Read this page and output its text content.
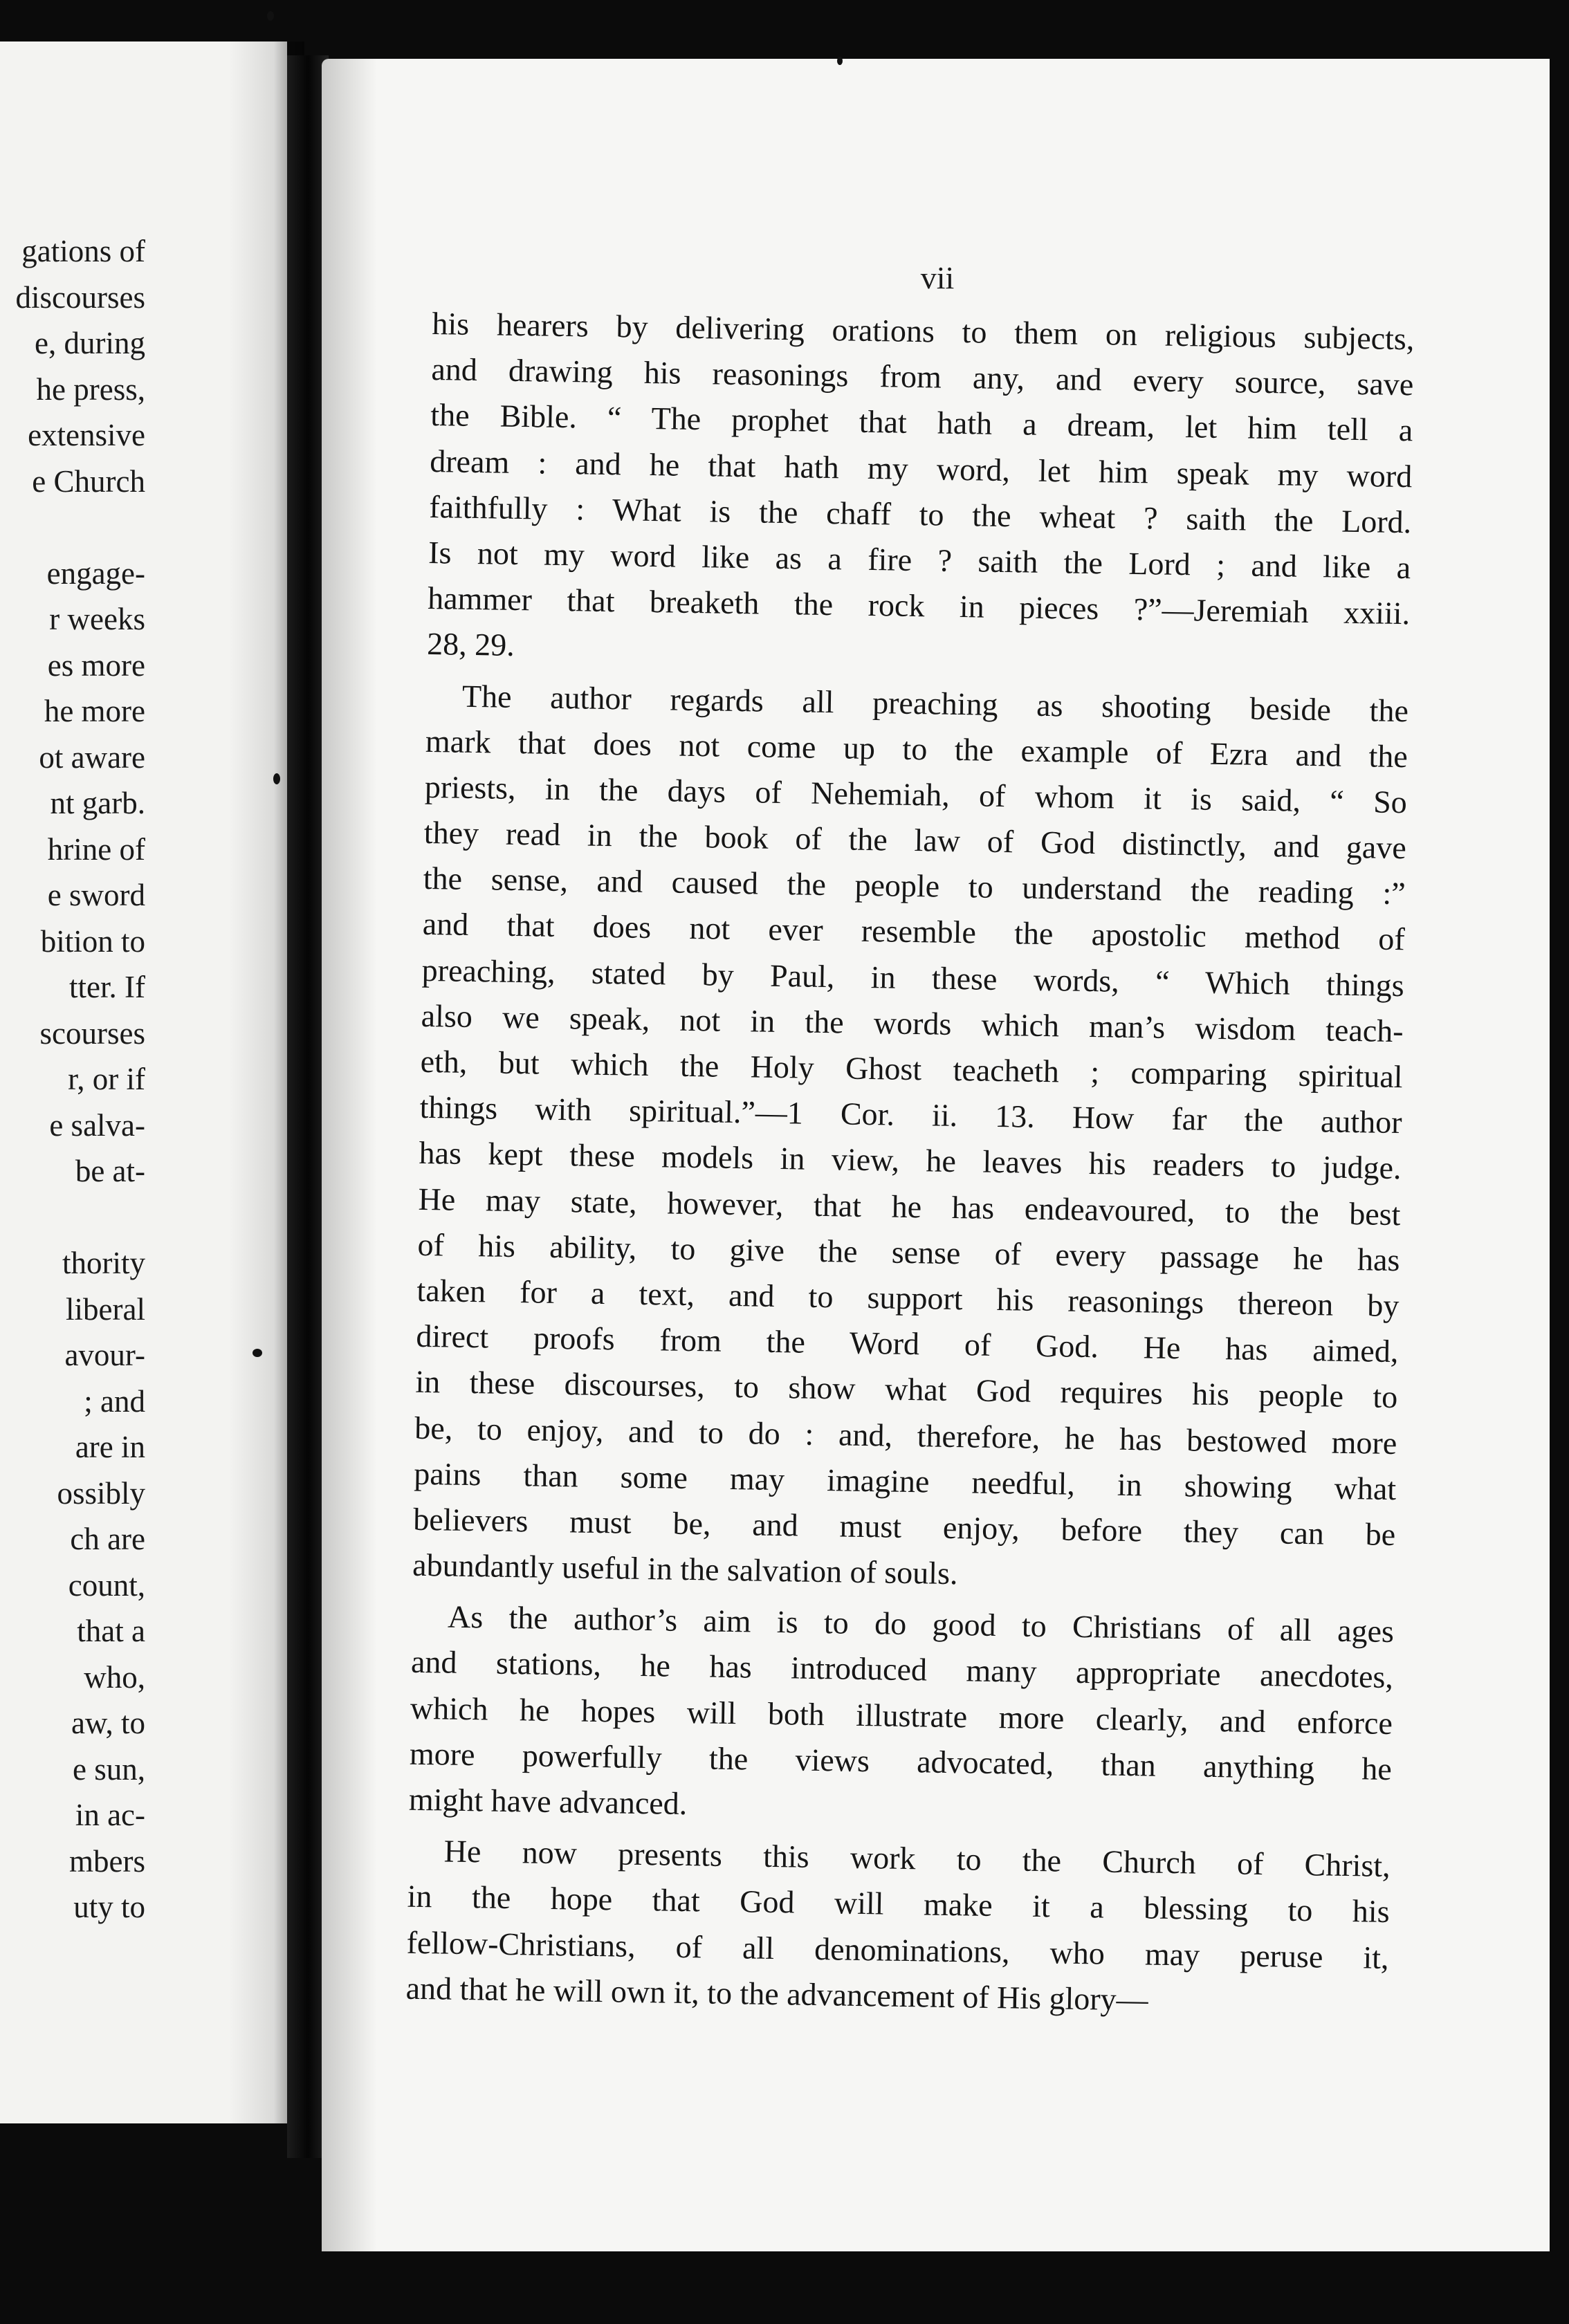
gations of
discourses
e, during
he press,
extensive
e Church
engage-
r weeks
es more
he more
ot aware
nt garb.
hrine of
e sword
bition to
tter. If
scourses
r, or if
e salva-
be at-
thority
liberal
avour-
; and
are in
ossibly
ch are
count,
that a
who,
aw, to
e sun,
in ac-
mbers
uty to
vii

his hearers by delivering orations to them on religious subjects,
and drawing his reasonings from any, and every source, save
the Bible. “ The prophet that hath a dream, let him tell a
dream : and he that hath my word, let him speak my word
faithfully : What is the chaff to the wheat ? saith the Lord.
Is not my word like as a fire ? saith the Lord ; and like a
hammer that breaketh the rock in pieces ?”—Jeremiah xxiii.
28, 29.

The author regards all preaching as shooting beside the
mark that does not come up to the example of Ezra and the
priests, in the days of Nehemiah, of whom it is said, “ So
they read in the book of the law of God distinctly, and gave
the sense, and caused the people to understand the reading :”
and that does not ever resemble the apostolic method of
preaching, stated by Paul, in these words, “ Which things
also we speak, not in the words which man’s wisdom teach-
eth, but which the Holy Ghost teacheth ; comparing spiritual
things with spiritual.”—1 Cor. ii. 13. How far the author
has kept these models in view, he leaves his readers to judge.
He may state, however, that he has endeavoured, to the best
of his ability, to give the sense of every passage he has
taken for a text, and to support his reasonings thereon by
direct proofs from the Word of God. He has aimed,
in these discourses, to show what God requires his people to
be, to enjoy, and to do : and, therefore, he has bestowed more
pains than some may imagine needful, in showing what
believers must be, and must enjoy, before they can be
abundantly useful in the salvation of souls.

As the author’s aim is to do good to Christians of all ages
and stations, he has introduced many appropriate anecdotes,
which he hopes will both illustrate more clearly, and enforce
more powerfully the views advocated, than anything he
might have advanced.

He now presents this work to the Church of Christ,
in the hope that God will make it a blessing to his
fellow-Christians, of all denominations, who may peruse it,
and that he will own it, to the advancement of His glory—
